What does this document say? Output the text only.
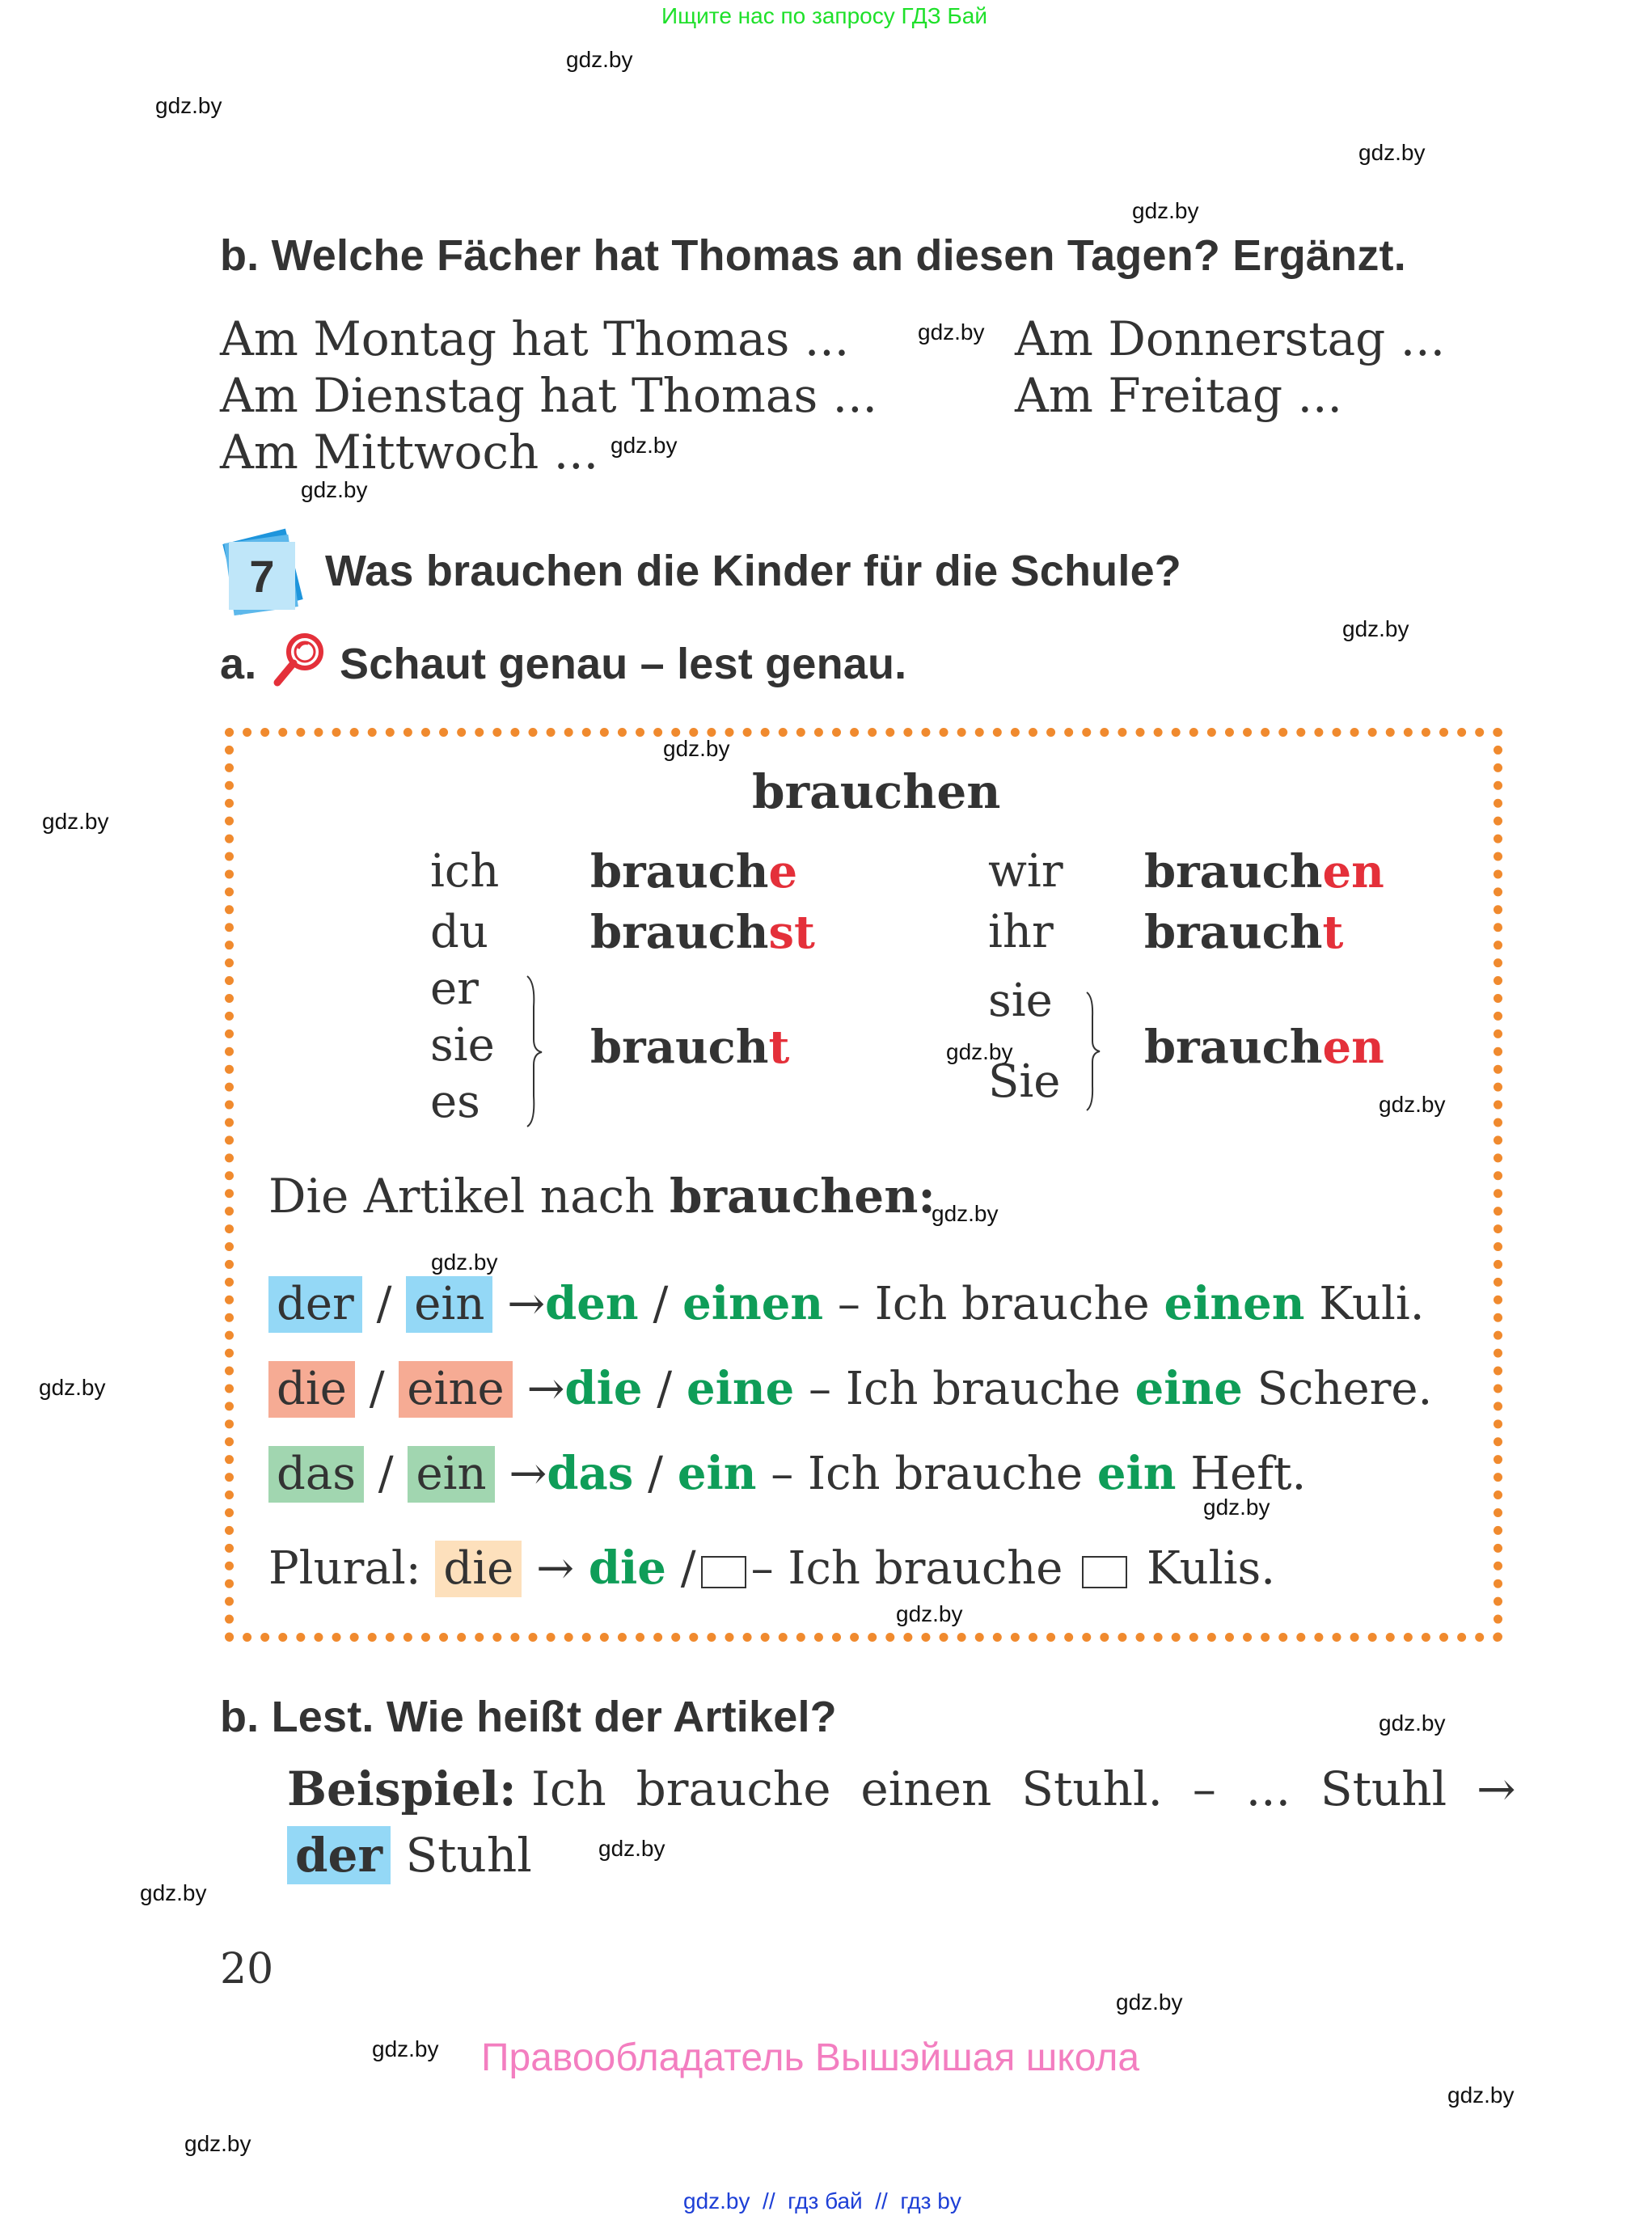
Ищите нас по запросу ГДЗ Бай
gdz.by
gdz.by
gdz.by
gdz.by
gdz.by
gdz.by
gdz.by
gdz.by
gdz.by
gdz.by
gdz.by
gdz.by
gdz.by
gdz.by
gdz.by
gdz.by
gdz.by
gdz.by
gdz.by
gdz.by
gdz.by
gdz.by
gdz.by
gdz.by
b. Welche Fächer hat Thomas an diesen Tagen? Ergänzt.
Am Montag hat Thomas ...
Am Dienstag hat Thomas ...
Am Mittwoch ...
Am Donnerstag ...
Am Freitag ...
7	Was brauchen die Kinder für die Schule?
a. Schaut genau – lest genau.
brauchen
ich brauche
du brauchst
er
sie
es
braucht
wir brauchen
ihr braucht
sie
Sie
brauchen
Die Artikel nach brauchen:
der / ein →den / einen – Ich brauche einen Kuli.
die / eine →die / eine – Ich brauche eine Schere.
das / ein →das / ein – Ich brauche ein Heft.
Plural: die → die / – Ich brauche  Kulis.
b. Lest. Wie heißt der Artikel?
Beispiel: Ich  brauche  einen  Stuhl.  –  ...  Stuhl  →
der Stuhl
20
Правообладатель Вышэйшая школа
gdz.by  //  гдз бай  //  гдз by
